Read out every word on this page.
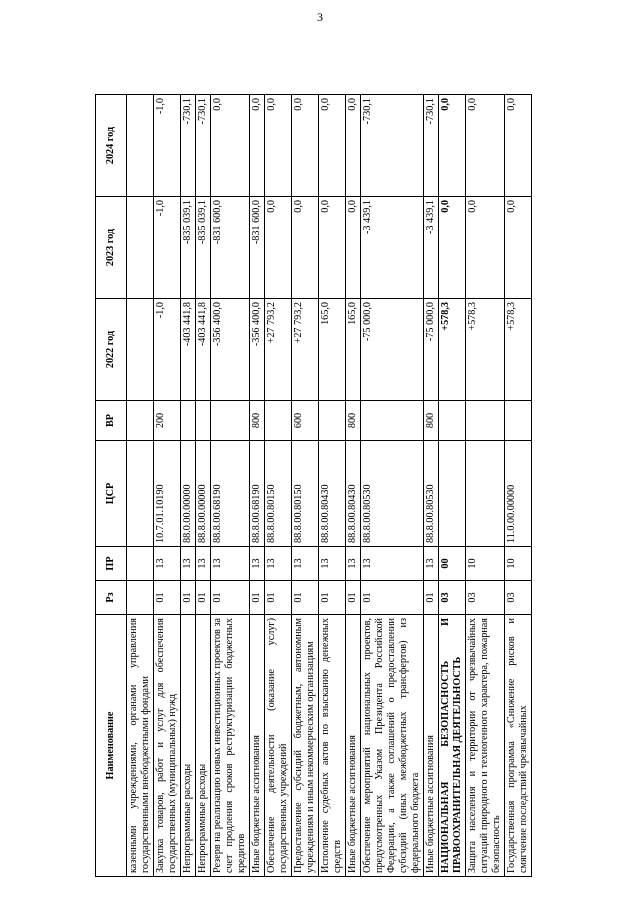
3
Наименование	Рз	ПР	ЦСР	ВР	2022 год	2023 год	2024 год
казенными учреждениями, органами управления государственными внебюджетными фондами							
Закупка товаров, работ и услуг для обеспечения государственных (муниципальных) нужд	01	13	10.7.01.10190	200	-1,0	-1,0	-1,0
Непрограммные расходы	01	13	88.0.00.00000		-403 441,8	-835 039,1	-730,1
Непрограммные расходы	01	13	88.8.00.00000		-403 441,8	-835 039,1	-730,1
Резерв на реализацию новых инвестиционных проектов за счет продления сроков реструктуризации бюджетных кредитов	01	13	88.8.00.68190		-356 400,0	-831 600,0	0,0
Иные бюджетные ассигнования	01	13	88.8.00.68190	800	-356 400,0	-831 600,0	0,0
Обеспечение деятельности (оказание услуг) государственных учреждений	01	13	88.8.00.80150		+27 793,2	0,0	0,0
Предоставление субсидий бюджетным, автономным учреждениям и иным некоммерческим организациям	01	13	88.8.00.80150	600	+27 793,2	0,0	0,0
Исполнение судебных актов по взысканию денежных средств	01	13	88.8.00.80430		165,0	0,0	0,0
Иные бюджетные ассигнования	01	13	88.8.00.80430	800	165,0	0,0	0,0
Обеспечение мероприятий национальных проектов, предусмотренных Указом Президента Российской Федерации, а также соглашений о предоставлении субсидий (иных межбюджетных трансфертов) из федерального бюджета	01	13	88.8.00.80530		-75 000,0	-3 439,1	-730,1
Иные бюджетные ассигнования	01	13	88.8.00.80530	800	-75 000,0	-3 439,1	-730,1
НАЦИОНАЛЬНАЯ БЕЗОПАСНОСТЬ И ПРАВООХРАНИТЕЛЬНАЯ ДЕЯТЕЛЬНОСТЬ	03	00			+578,3	0,0	0,0
Защита населения и территории от чрезвычайных ситуаций природного и техногенного характера, пожарная безопасность	03	10			+578,3	0,0	0,0
Государственная программа «Снижение рисков и смягчение последствий чрезвычайных	03	10	11.0.00.00000		+578,3	0,0	0,0
